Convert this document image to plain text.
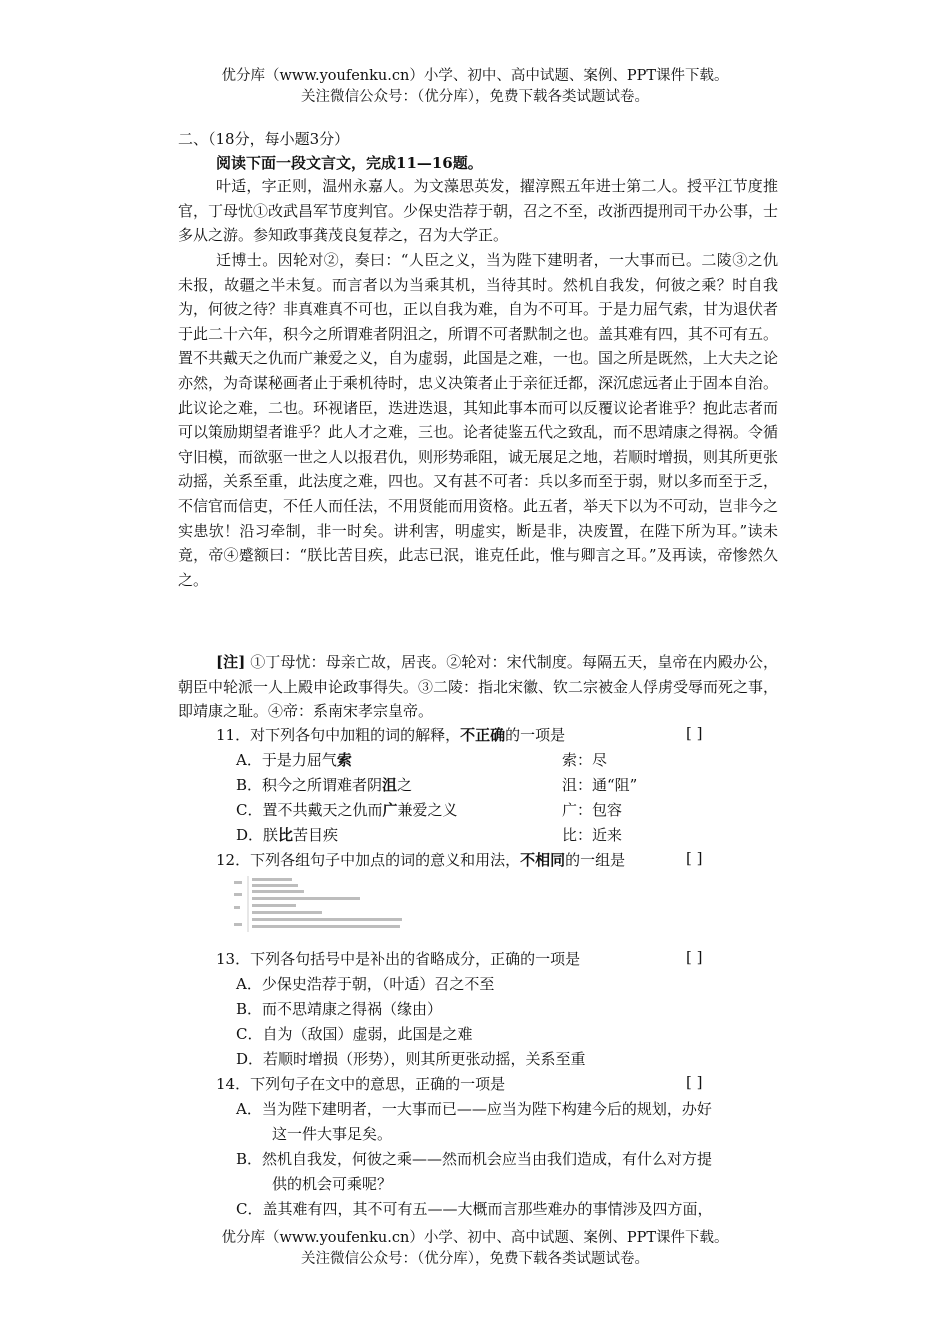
优分库（www.youfenku.cn）小学、初中、高中试题、案例、PPT课件下载。
关注微信公众号：（优分库），免费下载各类试题试卷。
二、（18分，每小题3分）
阅读下面一段文言文，完成11—16题。
叶适，字正则，温州永嘉人。为文藻思英发，擢淳熙五年进士第二人。授平江节度推官，丁母忧①改武昌军节度判官。少保史浩荐于朝，召之不至，改浙西提刑司干办公事，士多从之游。参知政事龚茂良复荐之，召为大学正。
迁博士。因轮对②，奏曰：“人臣之义，当为陛下建明者，一大事而已。二陵③之仇未报，故疆之半未复。而言者以为当乘其机，当待其时。然机自我发，何彼之乘？时自我为，何彼之待？非真难真不可也，正以自我为难，自为不可耳。于是力屈气索，甘为退伏者于此二十六年，积今之所谓难者阴沮之，所谓不可者默制之也。盖其难有四，其不可有五。置不共戴天之仇而广兼爱之义，自为虚弱，此国是之难，一也。国之所是既然，上大夫之论亦然，为奇谋秘画者止于乘机待时，忠义决策者止于亲征迁都，深沉虑远者止于固本自治。此议论之难，二也。环视诸臣，迭进迭退，其知此事本而可以反覆议论者谁乎？抱此志者而可以策励期望者谁乎？此人才之难，三也。论者徒鉴五代之致乱，而不思靖康之得祸。令循守旧模，而欲驱一世之人以报君仇，则形势乖阻，诚无展足之地，若顺时增损，则其所更张动摇，关系至重，此法度之难，四也。又有甚不可者：兵以多而至于弱，财以多而至于乏，不信官而信吏，不任人而任法，不用贤能而用资格。此五者，举天下以为不可动，岂非今之实患欤！沿习牵制，非一时矣。讲利害，明虚实，断是非，决废置，在陛下所为耳。”读未竟，帝④蹙额曰：“朕比苦目疾，此志已泯，谁克任此，惟与卿言之耳。”及再读，帝惨然久之。
[注] ①丁母忧：母亲亡故，居丧。②轮对：宋代制度。每隔五天，皇帝在内殿办公，朝臣中轮派一人上殿申论政事得失。③二陵：指北宋徽、钦二宗被金人俘虏受辱而死之事，即靖康之耻。④帝：系南宋孝宗皇帝。
11．对下列各句中加粗的词的解释，不正确的一项是	[ ]
A．于是力屈气索	索：尽
B．积今之所谓难者阴沮之	沮：通“阻”
C．置不共戴天之仇而广兼爱之义	广：包容
D．朕比苦目疾	比：近来
12．下列各组句子中加点的词的意义和用法，不相同的一组是	[ ]
13．下列各句括号中是补出的省略成分，正确的一项是	[ ]
A．少保史浩荐于朝，（叶适）召之不至
B．而不思靖康之得祸（缘由）
C．自为（敌国）虚弱，此国是之难
D．若顺时增损（形势），则其所更张动摇，关系至重
14．下列句子在文中的意思，正确的一项是	[ ]
A．当为陛下建明者，一大事而已——应当为陛下构建今后的规划，办好
这一件大事足矣。
B．然机自我发，何彼之乘——然而机会应当由我们造成，有什么对方提
供的机会可乘呢？
C．盖其难有四，其不可有五——大概而言那些难办的事情涉及四方面，
优分库（www.youfenku.cn）小学、初中、高中试题、案例、PPT课件下载。
关注微信公众号：（优分库），免费下载各类试题试卷。
